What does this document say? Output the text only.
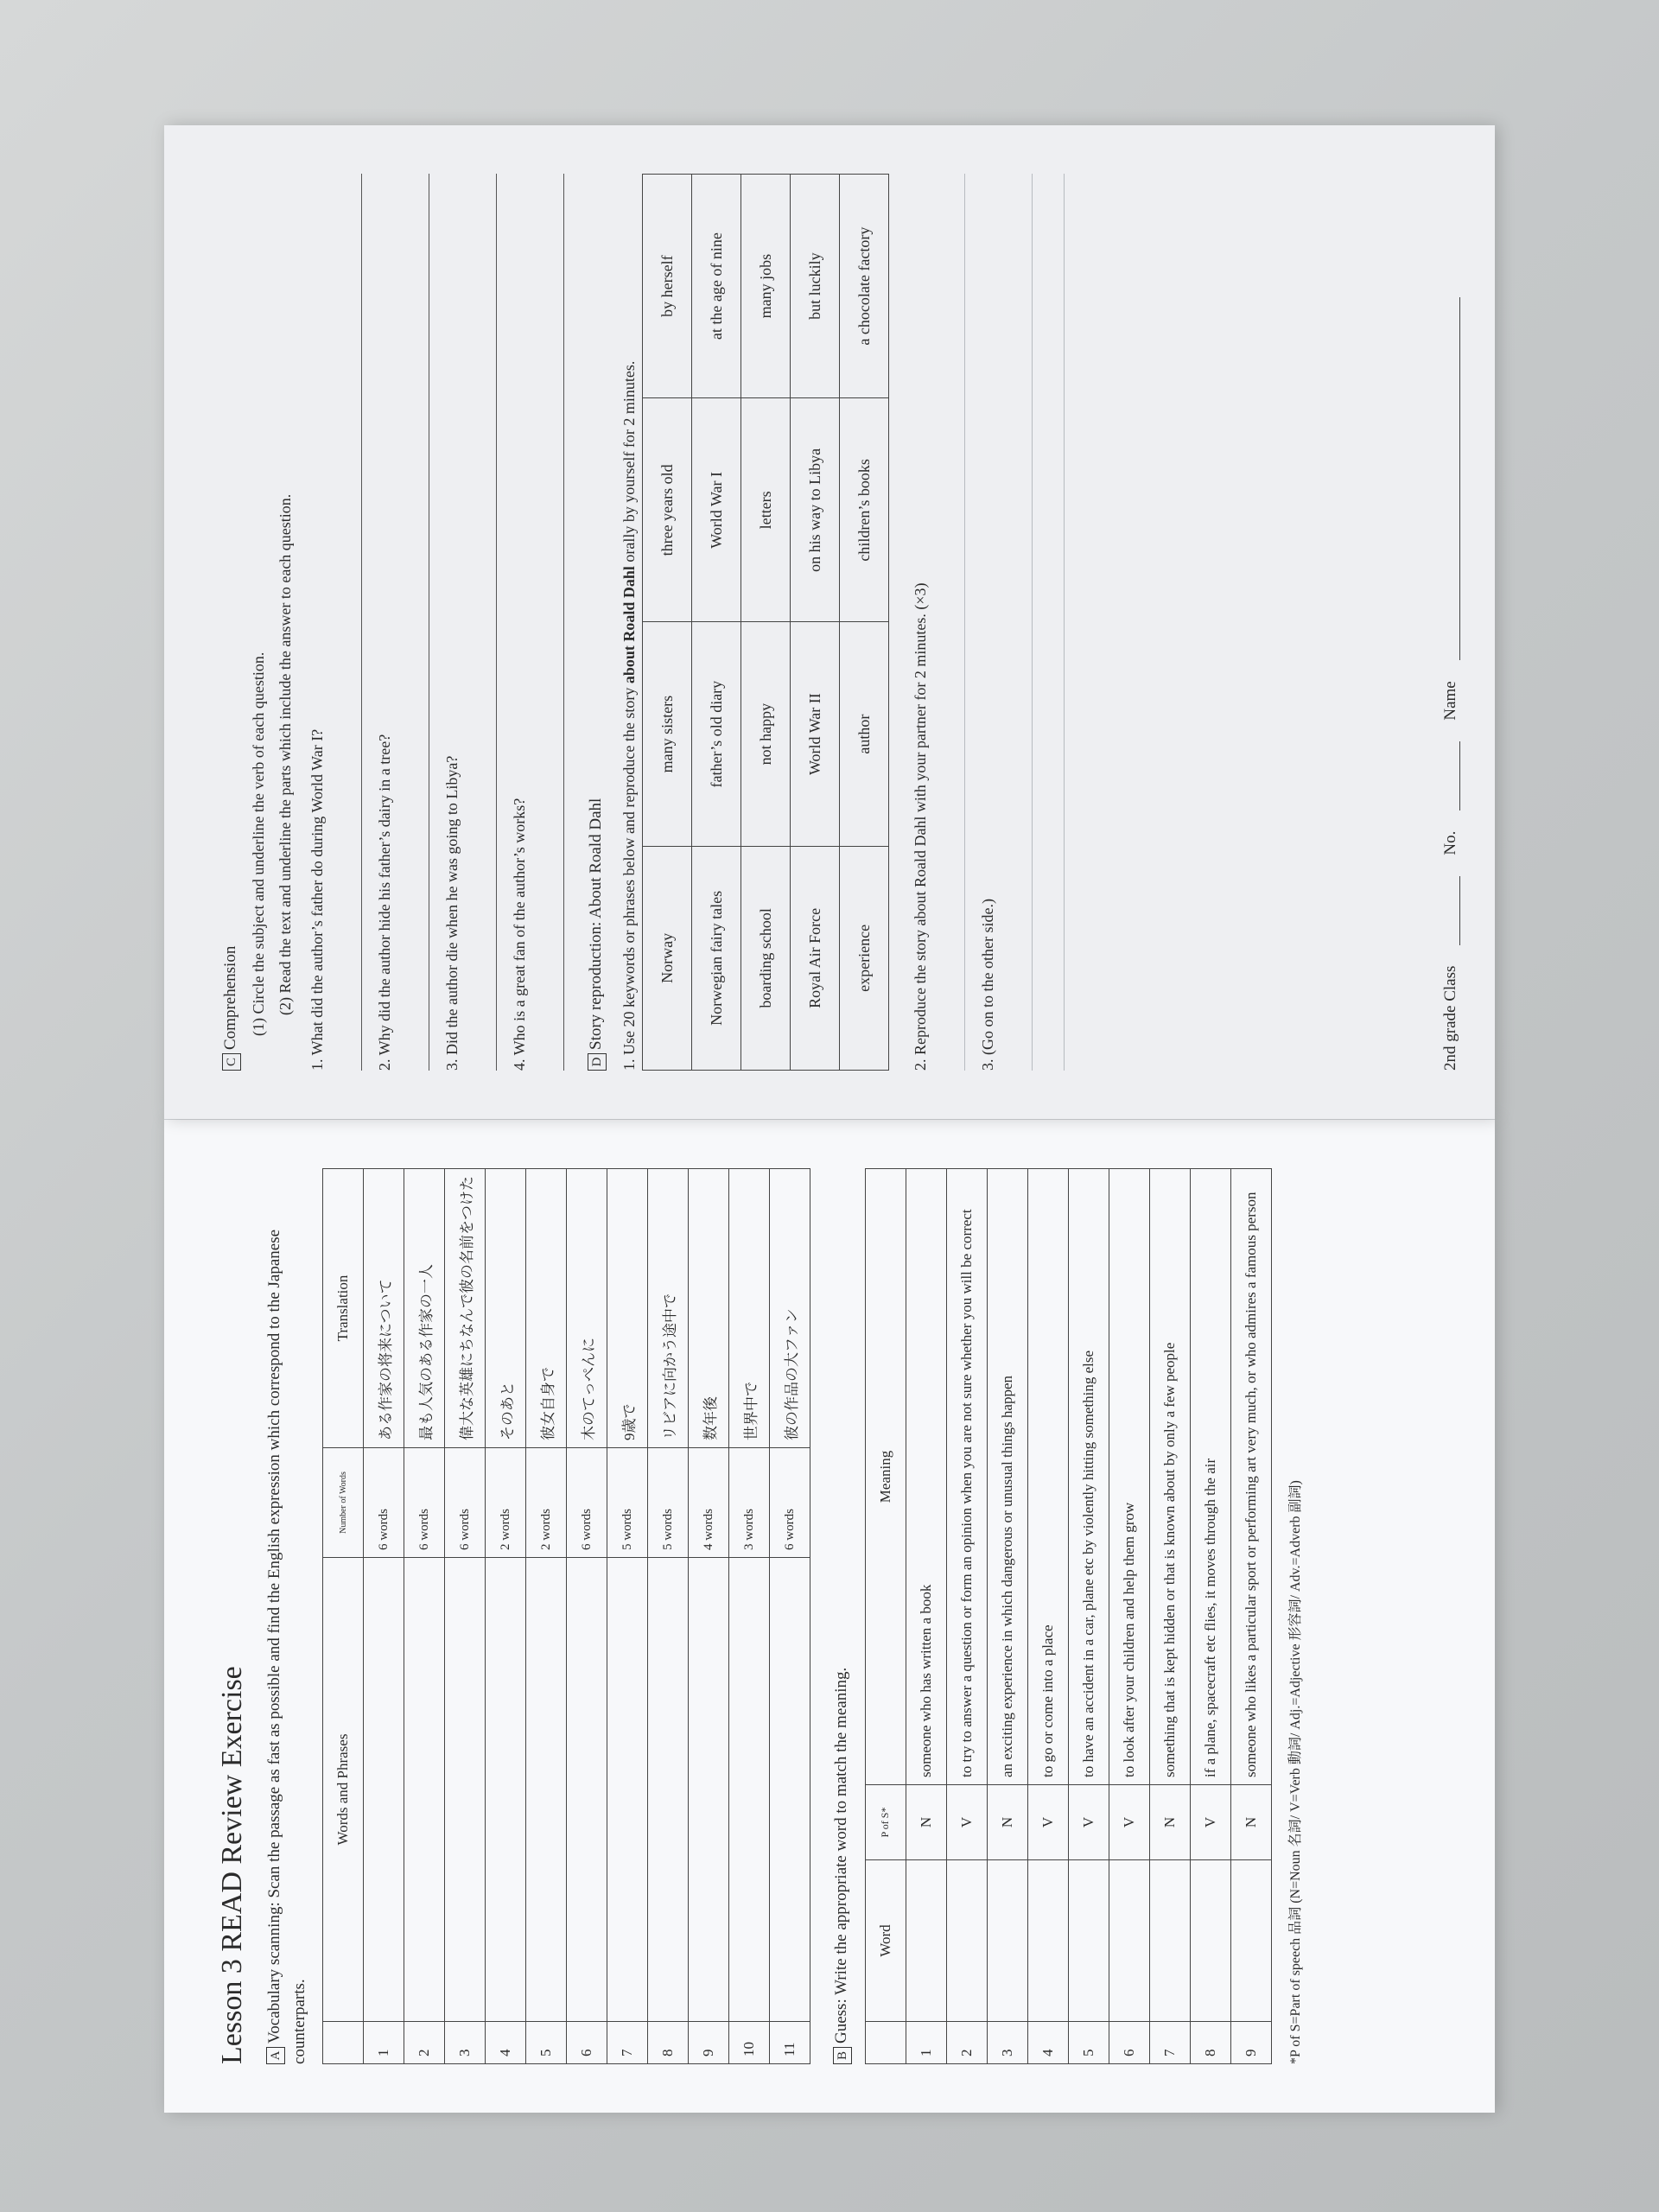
Lesson 3 READ Review Exercise	AVocabulary scanning: Scan the passage as fast as possible and find the English expression which correspond to the Japanese counterparts.
	Words and Phrases	Number of Words	Translation
1		6 words	ある作家の将来について
2		6 words	最も人気のある作家の一人
3		6 words	偉大な英雄にちなんで彼の名前をつけた
4		2 words	そのあと
5		2 words	彼女自身で
6		6 words	木のてっぺんに
7		5 words	9歳で
8		5 words	リビアに向かう途中で
9		4 words	数年後
10		3 words	世界中で
11		6 words	彼の作品の大ファン
BGuess: Write the appropriate word to match the meaning.
	Word	P of S*	Meaning
1		N	someone who has written a book
2		V	to try to answer a question or form an opinion when you are not sure whether you will be correct
3		N	an exciting experience in which dangerous or unusual things happen
4		V	to go or come into a place
5		V	to have an accident in a car, plane etc by violently hitting something else
6		V	to look after your children and help them grow
7		N	something that is kept hidden or that is known about by only a few people
8		V	if a plane, spacecraft etc flies, it moves through the air
9		N	someone who likes a particular sport or performing art very much, or who admires a famous person	*P of S=Part of speech 品詞 (N=Noun 名詞/ V=Verb 動詞/ Adj.=Adjective 形容詞/ Adv.=Adverb 副詞)
CComprehension (1) Circle the subject and underline the verb of each question. (2) Read the text and underline the parts which include the answer to each question. 1. What did the author’s father do during World War I?	2. Why did the author hide his father’s dairy in a tree?	3. Did the author die when he was going to Libya?	4. Who is a great fan of the author’s works?	DStory reproduction: About Roald Dahl 1. Use 20 keywords or phrases below and reproduce the story about Roald Dahl orally by yourself for 2 minutes.
Norway	many sisters	three years old	by herself
Norwegian fairy tales	father’s old diary	World War I	at the age of nine
boarding school	not happy	letters	many jobs
Royal Air Force	World War II	on his way to Libya	but luckily
experience	author	children’s books	a chocolate factory
2. Reproduce the story about Roald Dahl with your partner for 2 minutes. (×3)	3. (Go on to the other side.)	2nd grade Class
No.
Name
